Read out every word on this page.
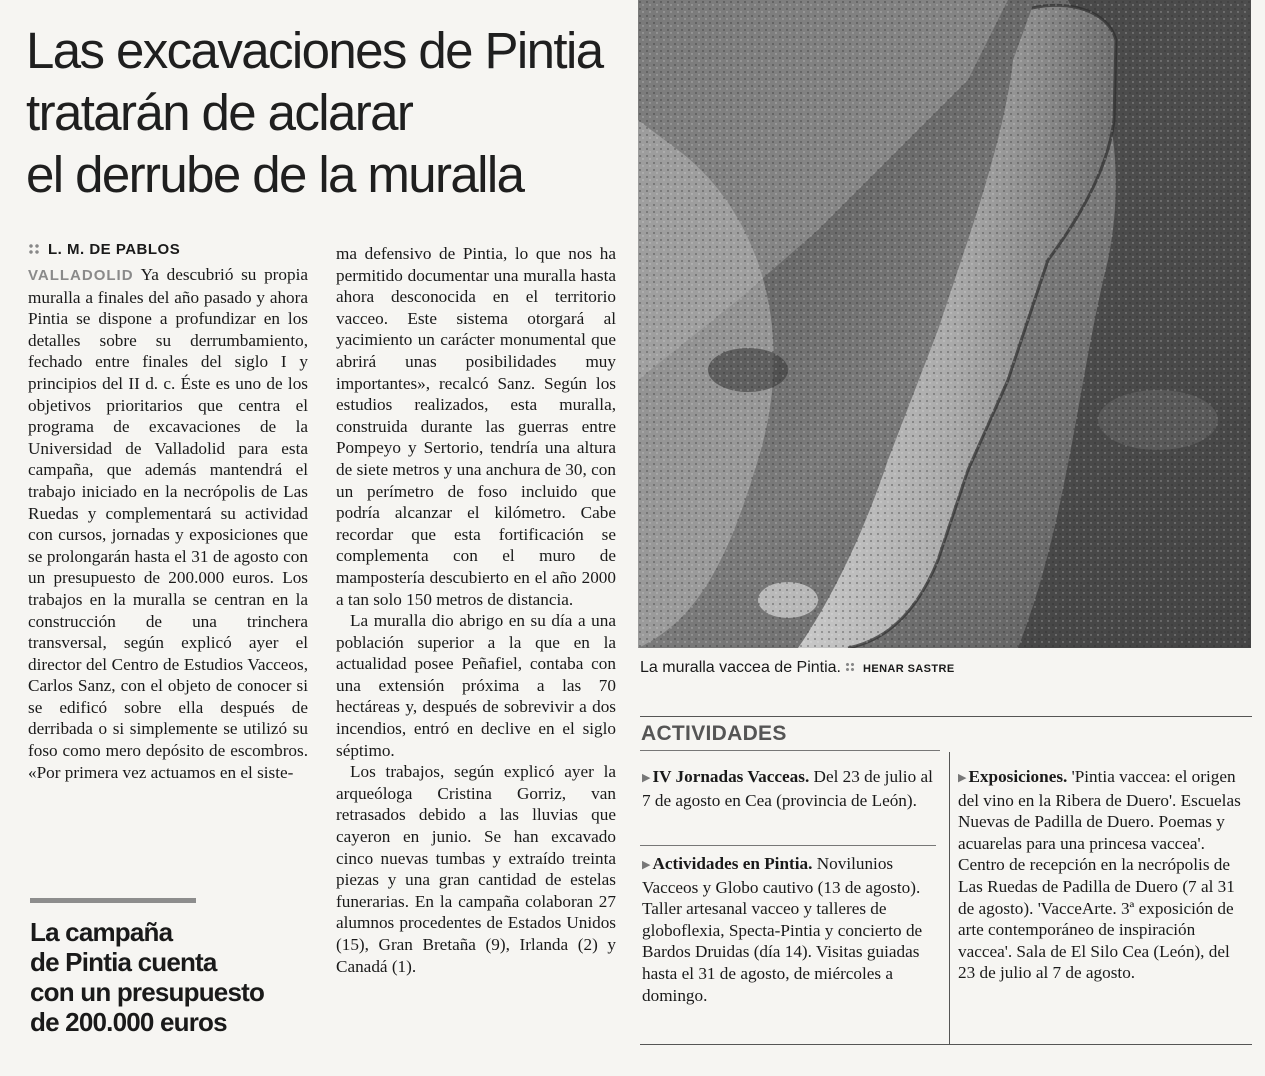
Las excavaciones de Pintia
tratarán de aclarar
el derrube de la muralla
L. M. DE PABLOS

VALLADOLID Ya descubrió su propia muralla a finales del año pasado y ahora Pintia se dispone a profundizar en los detalles sobre su derrumbamiento, fechado entre finales del siglo I y principios del II d. c. Éste es uno de los objetivos prioritarios que centra el programa de excavaciones de la Universidad de Valladolid para esta campaña, que además mantendrá el trabajo iniciado en la necrópolis de Las Ruedas y complementará su actividad con cursos, jornadas y exposiciones que se prolongarán hasta el 31 de agosto con un presupuesto de 200.000 euros. Los trabajos en la muralla se centran en la construcción de una trinchera transversal, según explicó ayer el director del Centro de Estudios Vacceos, Carlos Sanz, con el objeto de conocer si se edificó sobre ella después de derribada o si simplemente se utilizó su foso como mero depósito de escombros. «Por primera vez actuamos en el siste-

ma defensivo de Pintia, lo que nos ha permitido documentar una muralla hasta ahora desconocida en el territorio vacceo. Este sistema otorgará al yacimiento un carácter monumental que abrirá unas posibilidades muy importantes», recalcó Sanz. Según los estudios realizados, esta muralla, construida durante las guerras entre Pompeyo y Sertorio, tendría una altura de siete metros y una anchura de 30, con un perímetro de foso incluido que podría alcanzar el kilómetro. Cabe recordar que esta fortificación se complementa con el muro de mampostería descubierto en el año 2000 a tan solo 150 metros de distancia.

La muralla dio abrigo en su día a una población superior a la que en la actualidad posee Peñafiel, contaba con una extensión próxima a las 70 hectáreas y, después de sobrevivir a dos incendios, entró en declive en el siglo séptimo.

Los trabajos, según explicó ayer la arqueóloga Cristina Gorriz, van retrasados debido a las lluvias que cayeron en junio. Se han excavado cinco nuevas tumbas y extraído treinta piezas y una gran cantidad de estelas funerarias. En la campaña colaboran 27 alumnos procedentes de Estados Unidos (15), Gran Bretaña (9), Irlanda (2) y Canadá (1).

La campaña
de Pintia cuenta
con un presupuesto
de 200.000 euros
La muralla vaccea de Pintia. HENAR SASTRE
ACTIVIDADES

▶ IV Jornadas Vacceas. Del 23 de julio al 7 de agosto en Cea (provincia de León).

▶ Actividades en Pintia. Novilunios Vacceos y Globo cautivo (13 de agosto). Taller artesanal vacceo y talleres de globoflexia, Specta-Pintia y concierto de Bardos Druidas (día 14). Visitas guiadas hasta el 31 de agosto, de miércoles a domingo.

▶ Exposiciones. 'Pintia vaccea: el origen del vino en la Ribera de Duero'. Escuelas Nuevas de Padilla de Duero. Poemas y acuarelas para una princesa vaccea'. Centro de recepción en la necrópolis de Las Ruedas de Padilla de Duero (7 al 31 de agosto). 'VacceArte. 3ª exposición de arte contemporáneo de inspiración vaccea'. Sala de El Silo Cea (León), del 23 de julio al 7 de agosto.
